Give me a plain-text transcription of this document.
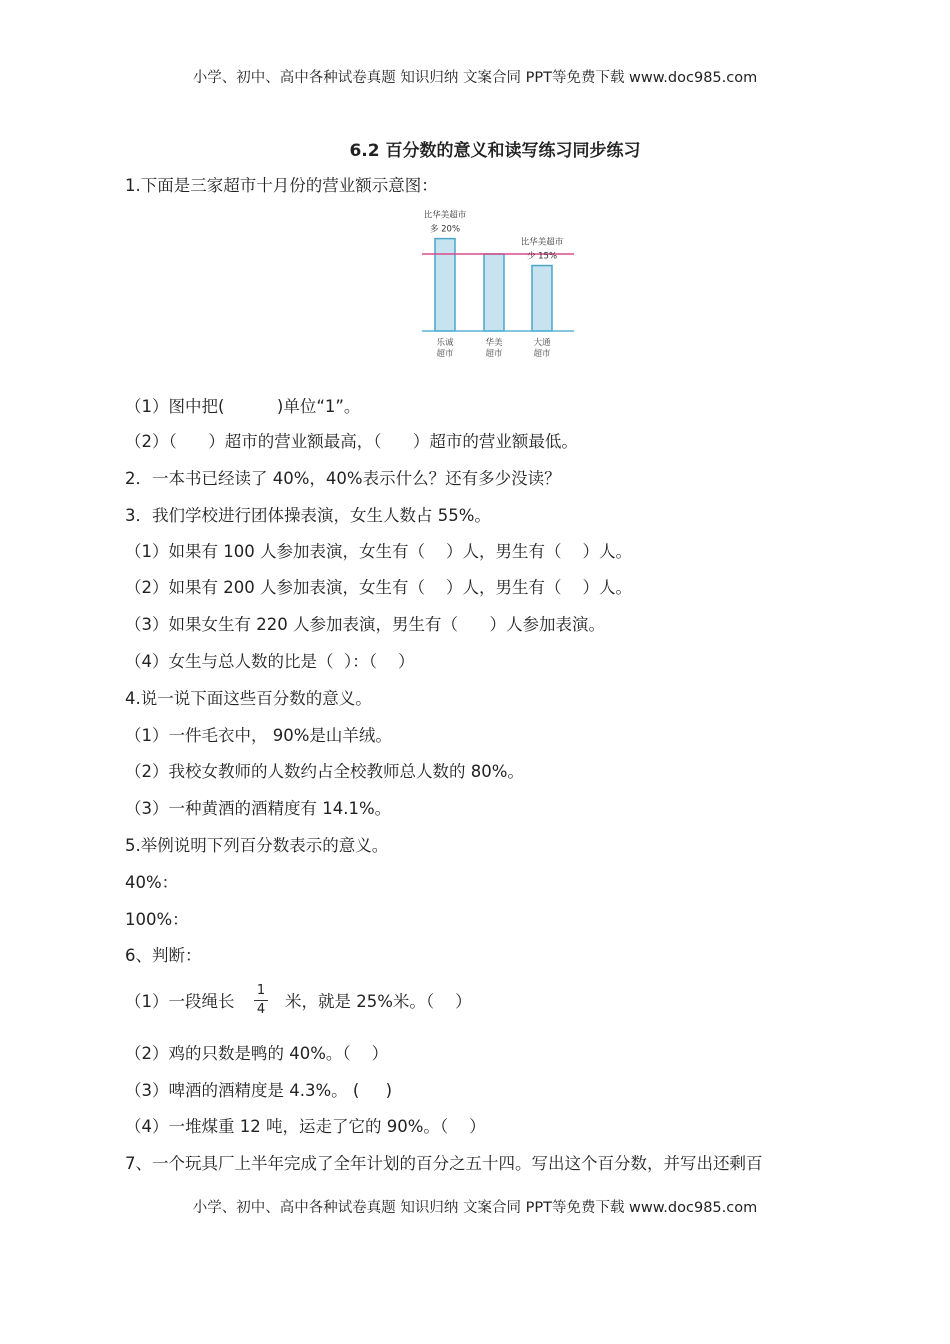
小学、初中、高中各种试卷真题 知识归纳 文案合同 PPT等免费下载 www.doc985.com
6.2 百分数的意义和读写练习同步练习
1.下面是三家超市十月份的营业额示意图：
乐诚
超市
华美
超市
大通
超市
比华美超市
多 20%
比华美超市
少 15%
（1）图中把(          )单位“1”。
（2）（      ）超市的营业额最高，（      ）超市的营业额最低。
2．一本书已经读了 40%，40%表示什么？还有多少没读？
3．我们学校进行团体操表演，女生人数占 55%。
（1）如果有 100 人参加表演，女生有（    ）人，男生有（    ）人。
（2）如果有 200 人参加表演，女生有（    ）人，男生有（    ）人。
（3）如果女生有 220 人参加表演，男生有（      ）人参加表演。
（4）女生与总人数的比是（  ）：（    ）
4.说一说下面这些百分数的意义。
（1）一件毛衣中， 90%是山羊绒。
（2）我校女教师的人数约占全校教师总人数的 80%。
（3）一种黄酒的酒精度有 14.1%。
5.举例说明下列百分数表示的意义。
40%：
100%：
6、判断：
（1）一段绳长
1
4 米，就是 25%米。（    ）
（2）鸡的只数是鸭的 40%。（    ）
（3）啤酒的酒精度是 4.3%。 (     )
（4）一堆煤重 12 吨，运走了它的 90%。（    ）
7、一个玩具厂上半年完成了全年计划的百分之五十四。写出这个百分数，并写出还剩百
小学、初中、高中各种试卷真题 知识归纳 文案合同 PPT等免费下载 www.doc985.com
